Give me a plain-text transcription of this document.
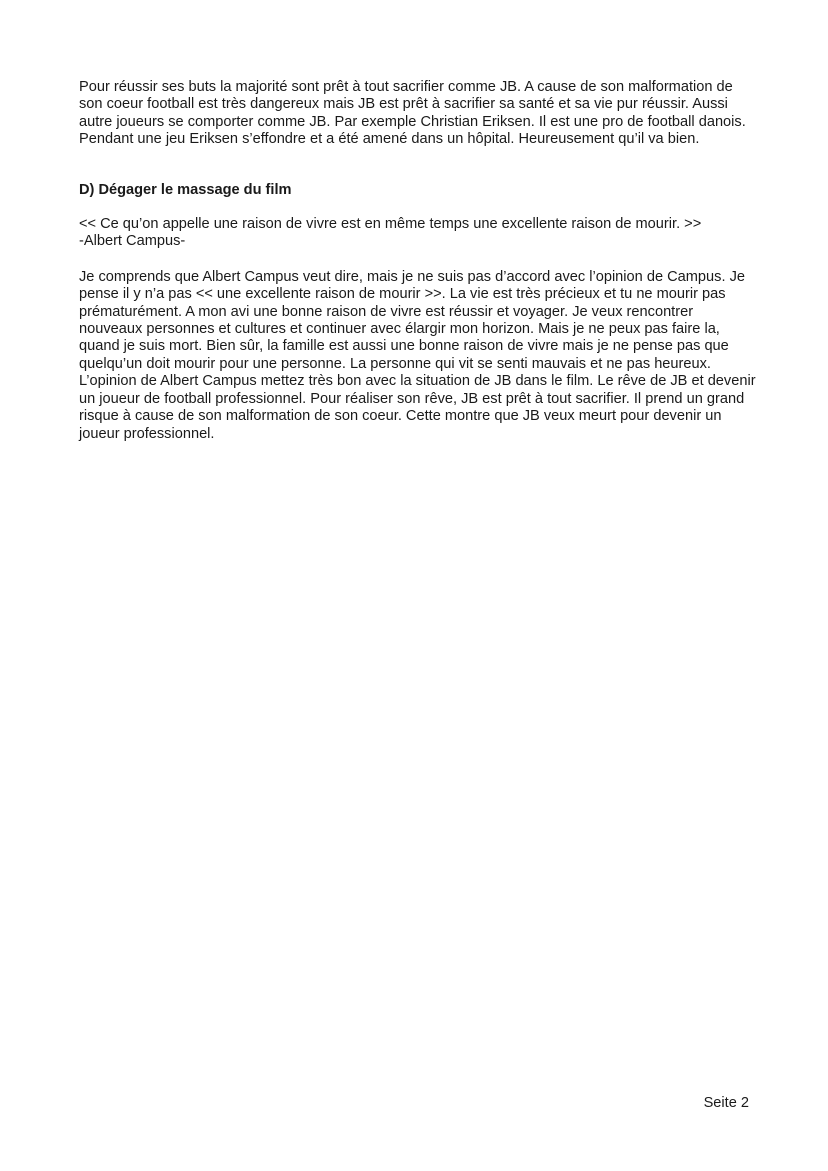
Pour réussir ses buts la majorité sont prêt à tout sacrifier comme JB. A cause de son malformation de son coeur football est très dangereux mais JB est prêt à sacrifier sa santé et sa vie pur réussir. Aussi autre joueurs se comporter comme JB. Par exemple Christian Eriksen. Il est une pro de football danois. Pendant une jeu Eriksen s’effondre et a été amené dans un hôpital. Heureusement qu’il va bien.

D) Dégager le massage du film

<< Ce qu’on appelle une raison de vivre est en même temps une excellente raison de mourir. >>
-Albert Campus-

Je comprends que Albert Campus veut dire, mais je ne suis pas d’accord avec l’opinion de Campus. Je pense il y n’a pas << une excellente raison de mourir >>. La vie est très précieux et tu ne mourir pas prématurément. A mon avi une bonne raison de vivre est réussir et voyager. Je veux rencontrer nouveaux personnes et cultures et continuer avec élargir mon horizon. Mais je ne peux pas faire la, quand je suis mort. Bien sûr, la famille est aussi une bonne raison de vivre mais je ne pense pas que quelqu’un doit mourir pour une personne. La personne qui vit se senti mauvais et ne pas heureux.

L’opinion de Albert Campus mettez très bon avec la situation de JB dans le film. Le rêve de JB et devenir un joueur de football professionnel. Pour réaliser son rêve, JB est prêt à tout sacrifier. Il prend un grand risque à cause de son malformation de son coeur. Cette montre que JB veux meurt pour devenir un joueur professionnel.

Seite 2
